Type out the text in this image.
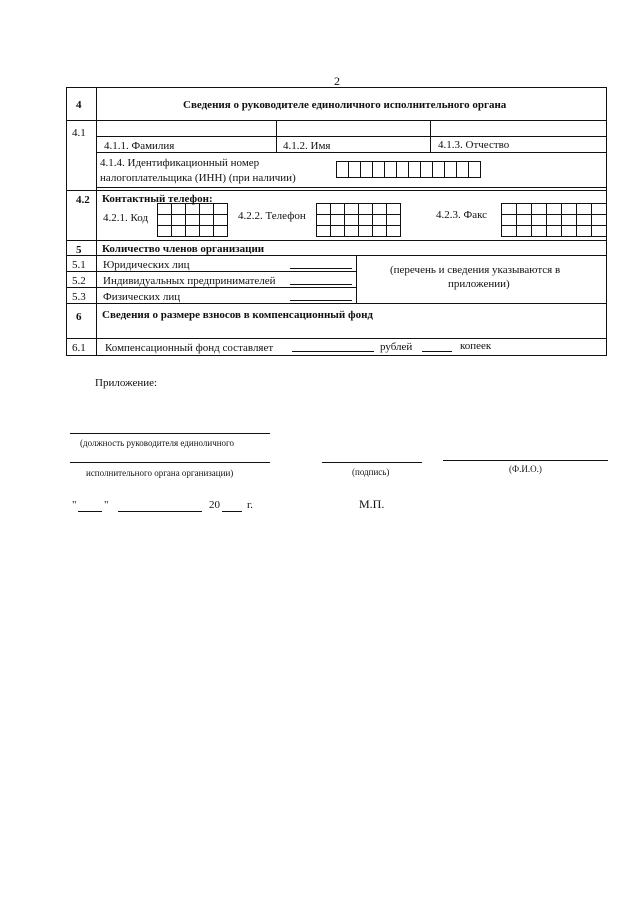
2
4	Сведения о руководителе единоличного исполнительного органа
4.1
4.1.1. Фамилия	4.1.2. Имя	4.1.3. Отчество
4.1.4. Идентификационный номер
налогоплательщика (ИНН) (при наличии)
4.2 Контактный телефон:
4.2.1. Код	4.2.2. Телефон	4.2.3. Факс
5 Количество членов организации
5.1 Юридических лиц
5.2 Индивидуальных предпринимателей
5.3 Физических лиц
(перечень и сведения указываются в
приложении)
6 Сведения о размере взносов в компенсационный фонд
6.1 Компенсационный фонд составляет	рублей	копеек
Приложение:
(должность руководителя единоличного
исполнительного органа организации)	(подпись)	(Ф.И.О.)
"	"	20 г.	М.П.
